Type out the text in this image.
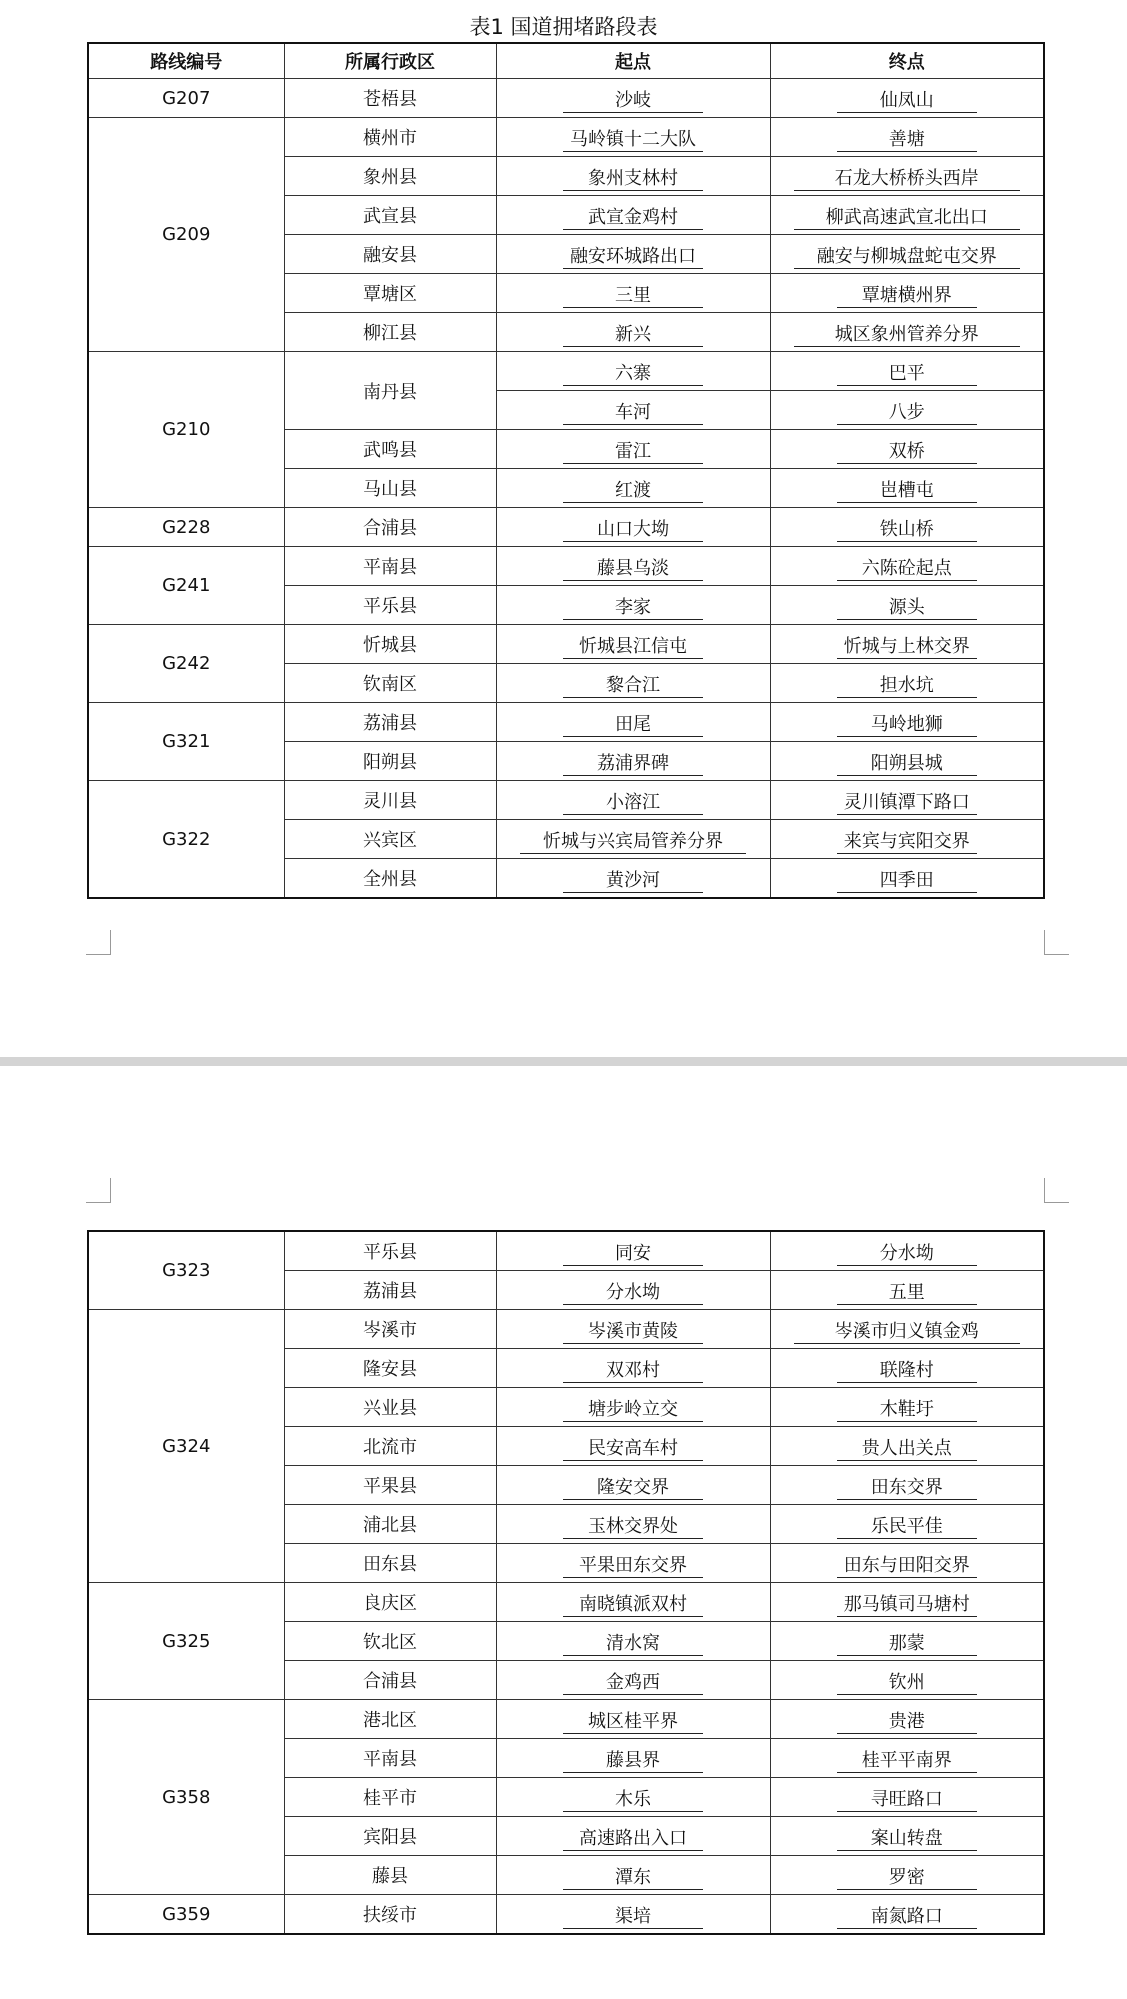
表1 国道拥堵路段表
路线编号	所属行政区	起点	终点
G207	苍梧县	沙岐	仙凤山
G209	横州市	马岭镇十二大队	善塘
	象州县	象州支林村	石龙大桥桥头西岸
	武宣县	武宣金鸡村	柳武高速武宣北出口
	融安县	融安环城路出口	融安与柳城盘蛇屯交界
	覃塘区	三里	覃塘横州界
	柳江县	新兴	城区象州管养分界
G210	南丹县	六寨	巴平
		车河	八步
	武鸣县	雷江	双桥
	马山县	红渡	岜槽屯
G228	合浦县	山口大坳	铁山桥
G241	平南县	藤县乌淡	六陈砼起点
	平乐县	李家	源头
G242	忻城县	忻城县江信屯	忻城与上林交界
	钦南区	黎合江	担水坑
G321	荔浦县	田尾	马岭地狮
	阳朔县	荔浦界碑	阳朔县城
G322	灵川县	小溶江	灵川镇潭下路口
	兴宾区	忻城与兴宾局管养分界	来宾与宾阳交界
	全州县	黄沙河	四季田
G323	平乐县	同安	分水坳
	荔浦县	分水坳	五里
G324	岑溪市	岑溪市黄陵	岑溪市归义镇金鸡
	隆安县	双邓村	联隆村
	兴业县	塘步岭立交	木鞋圩
	北流市	民安高车村	贵人出关点
	平果县	隆安交界	田东交界
	浦北县	玉林交界处	乐民平佳
	田东县	平果田东交界	田东与田阳交界
G325	良庆区	南晓镇派双村	那马镇司马塘村
	钦北区	清水窝	那蒙
	合浦县	金鸡西	钦州
G358	港北区	城区桂平界	贵港
	平南县	藤县界	桂平平南界
	桂平市	木乐	寻旺路口
	宾阳县	高速路出入口	案山转盘
	藤县	潭东	罗密
G359	扶绥市	渠培	南氮路口
